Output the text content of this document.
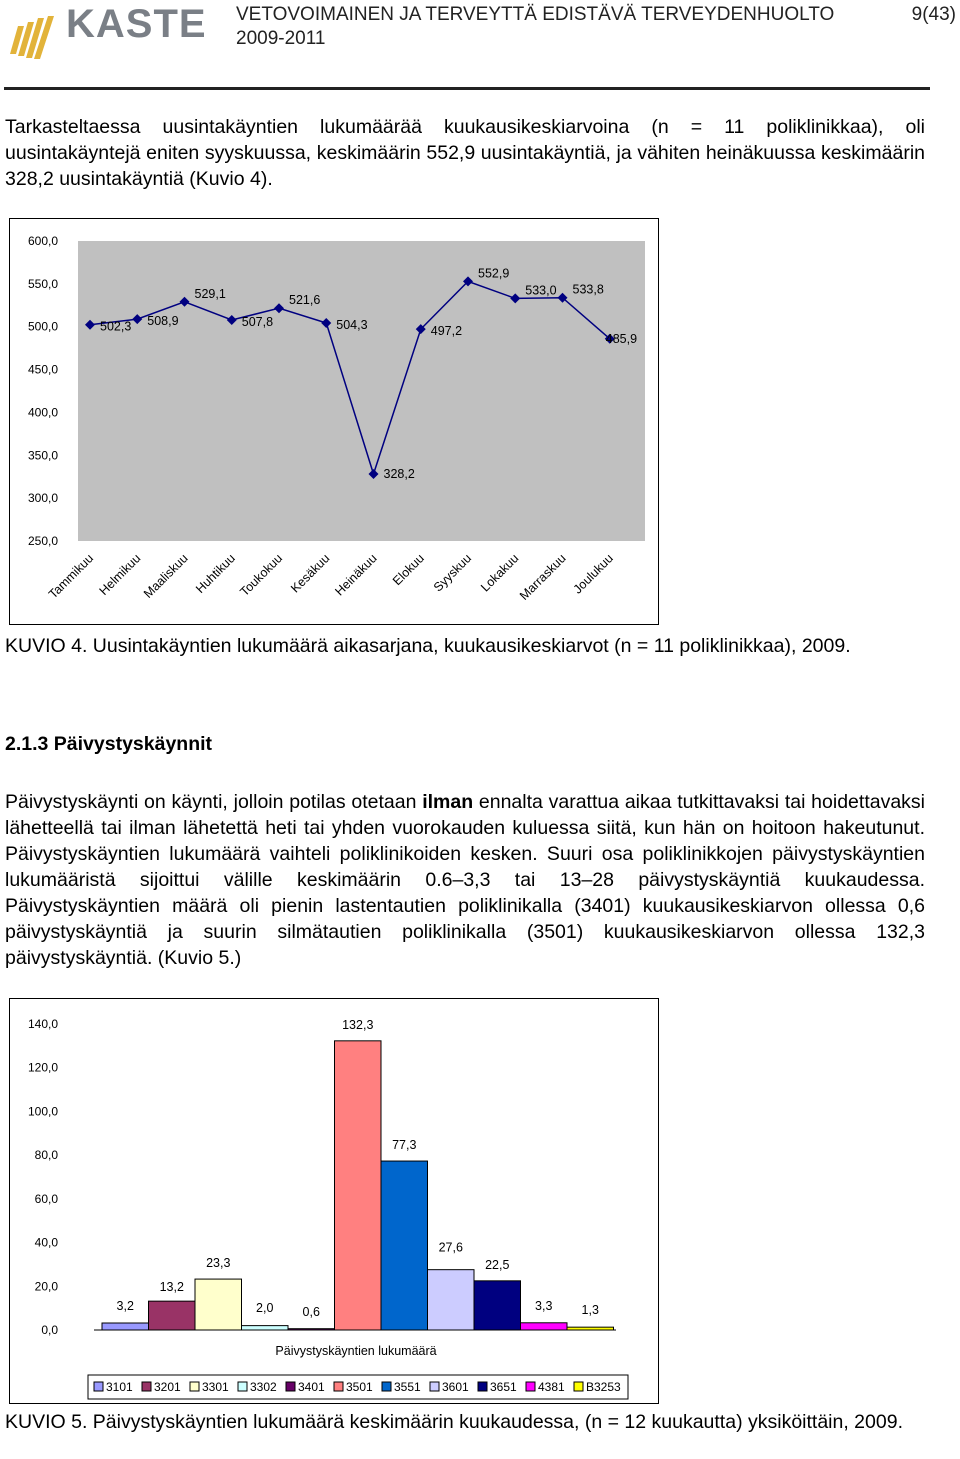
KASTE VETOVOIMAINEN JA TERVEYTTÄ EDISTÄVÄ TERVEYDENHUOLTO
2009-2011
9(43)
Tarkasteltaessa uusintakäyntien lukumäärää kuukausikeskiarvoina (n = 11 poliklinikkaa), oli uusintakäyntejä eniten syyskuussa, keskimäärin 552,9 uusintakäyntiä, ja vähiten heinäkuussa keskimäärin 328,2 uusintakäyntiä (Kuvio 4).
600,0
550,0
500,0
450,0
400,0
350,0
300,0
250,0
502,3 508,9
529,1
507,8
521,6
504,3
328,2
497,2
552,9
533,0 533,8
485,9
Tammikuu Helmikuu
Maaliskuu Huhtikuu Toukokuu Kesäkuu Heinäkuu Elokuu Syyskuu Lokakuu
Marraskuu Joulukuu
KUVIO 4. Uusintakäyntien lukumäärä aikasarjana, kuukausikeskiarvot (n = 11 poliklinikkaa), 2009.
2.1.3 Päivystyskäynnit
Päivystyskäynti on käynti, jolloin potilas otetaan ilman ennalta varattua aikaa tutkittavaksi tai hoidettavaksi lähetteellä tai ilman lähetettä heti tai yhden vuorokauden kuluessa siitä, kun hän on hoitoon hakeutunut. Päivystyskäyntien lukumäärä vaihteli poliklinikoiden kesken. Suuri osa poliklinikkojen päivystyskäyntien lukumääristä sijoittui välille keskimäärin 0.6–3,3 tai 13–28 päivystyskäyntiä kuukaudessa. Päivystyskäyntien määrä oli pienin lastentautien poliklinikalla (3401) kuukausikeskiarvon ollessa 0,6 päivystyskäyntiä ja suurin silmätautien poliklinikalla (3501) kuukausikeskiarvon ollessa 132,3 päivystyskäyntiä. (Kuvio 5.)
140,0
120,0
100,0
80,0
60,0
40,0
20,0
0,0
3,2
13,2
23,3
2,0 0,6
132,3
77,3
27,6
22,5
3,3 1,3
Päivystyskäyntien lukumäärä
3101 3201 3301 3302 3401 3501 3551 3601 3651 4381 B3253
KUVIO 5. Päivystyskäyntien lukumäärä keskimäärin kuukaudessa, (n = 12 kuukautta) yksiköittäin, 2009.
